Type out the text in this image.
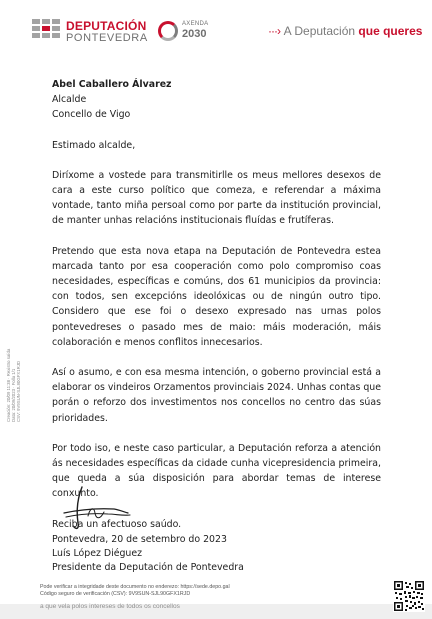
DEPUTACIÓN
PONTEVEDRA
AXENDA
2030	···› A Deputación que queres
Creación: 20/09 11:38 · Rexistro saída Data: 20/09/2023 · Folla 1/1 CSV: 9V9SUN-SJL90GFX1RJD

Abel Caballero Álvarez

Alcalde

Concello de Vigo

Estimado alcalde,

Diríxome a vostede para transmitirlle os meus mellores desexos de cara a este curso político que comeza, e referendar a máxima vontade, tanto miña persoal como por parte da institución provincial, de manter unhas relacións institucionais fluídas e frutíferas.

Pretendo que esta nova etapa na Deputación de Pontevedra estea marcada tanto por esa cooperación como polo compromiso coas necesidades, específicas e comúns, dos 61 municipios da provincia: con todos, sen excepcións ideolóxicas ou de ningún outro tipo. Considero que ese foi o desexo expresado nas urnas polos pontevedreses o pasado mes de maio: máis moderación, máis colaboración e menos conflitos innecesarios.

Así o asumo, e con esa mesma intención, o goberno provincial está a elaborar os vindeiros Orzamentos provinciais 2024. Unhas contas que porán o reforzo dos investimentos nos concellos no centro das súas prioridades.

Por todo iso, e neste caso particular, a Deputación reforza a atención ás necesidades específicas da cidade cunha vicepresidencia primeira, que queda a súa disposición para abordar temas de interese conxunto.

Reciba un afectuoso saúdo.

Pontevedra, 20 de setembro do 2023

Luís López Diéguez

Presidente da Deputación de Pontevedra

Pode verificar a integridade deste documento no enderezo: https://sede.depo.gal
Código seguro de verificación (CSV): 9V9SUN-SJL90GFX1RJD
a que vela polos intereses de todos os concellos
